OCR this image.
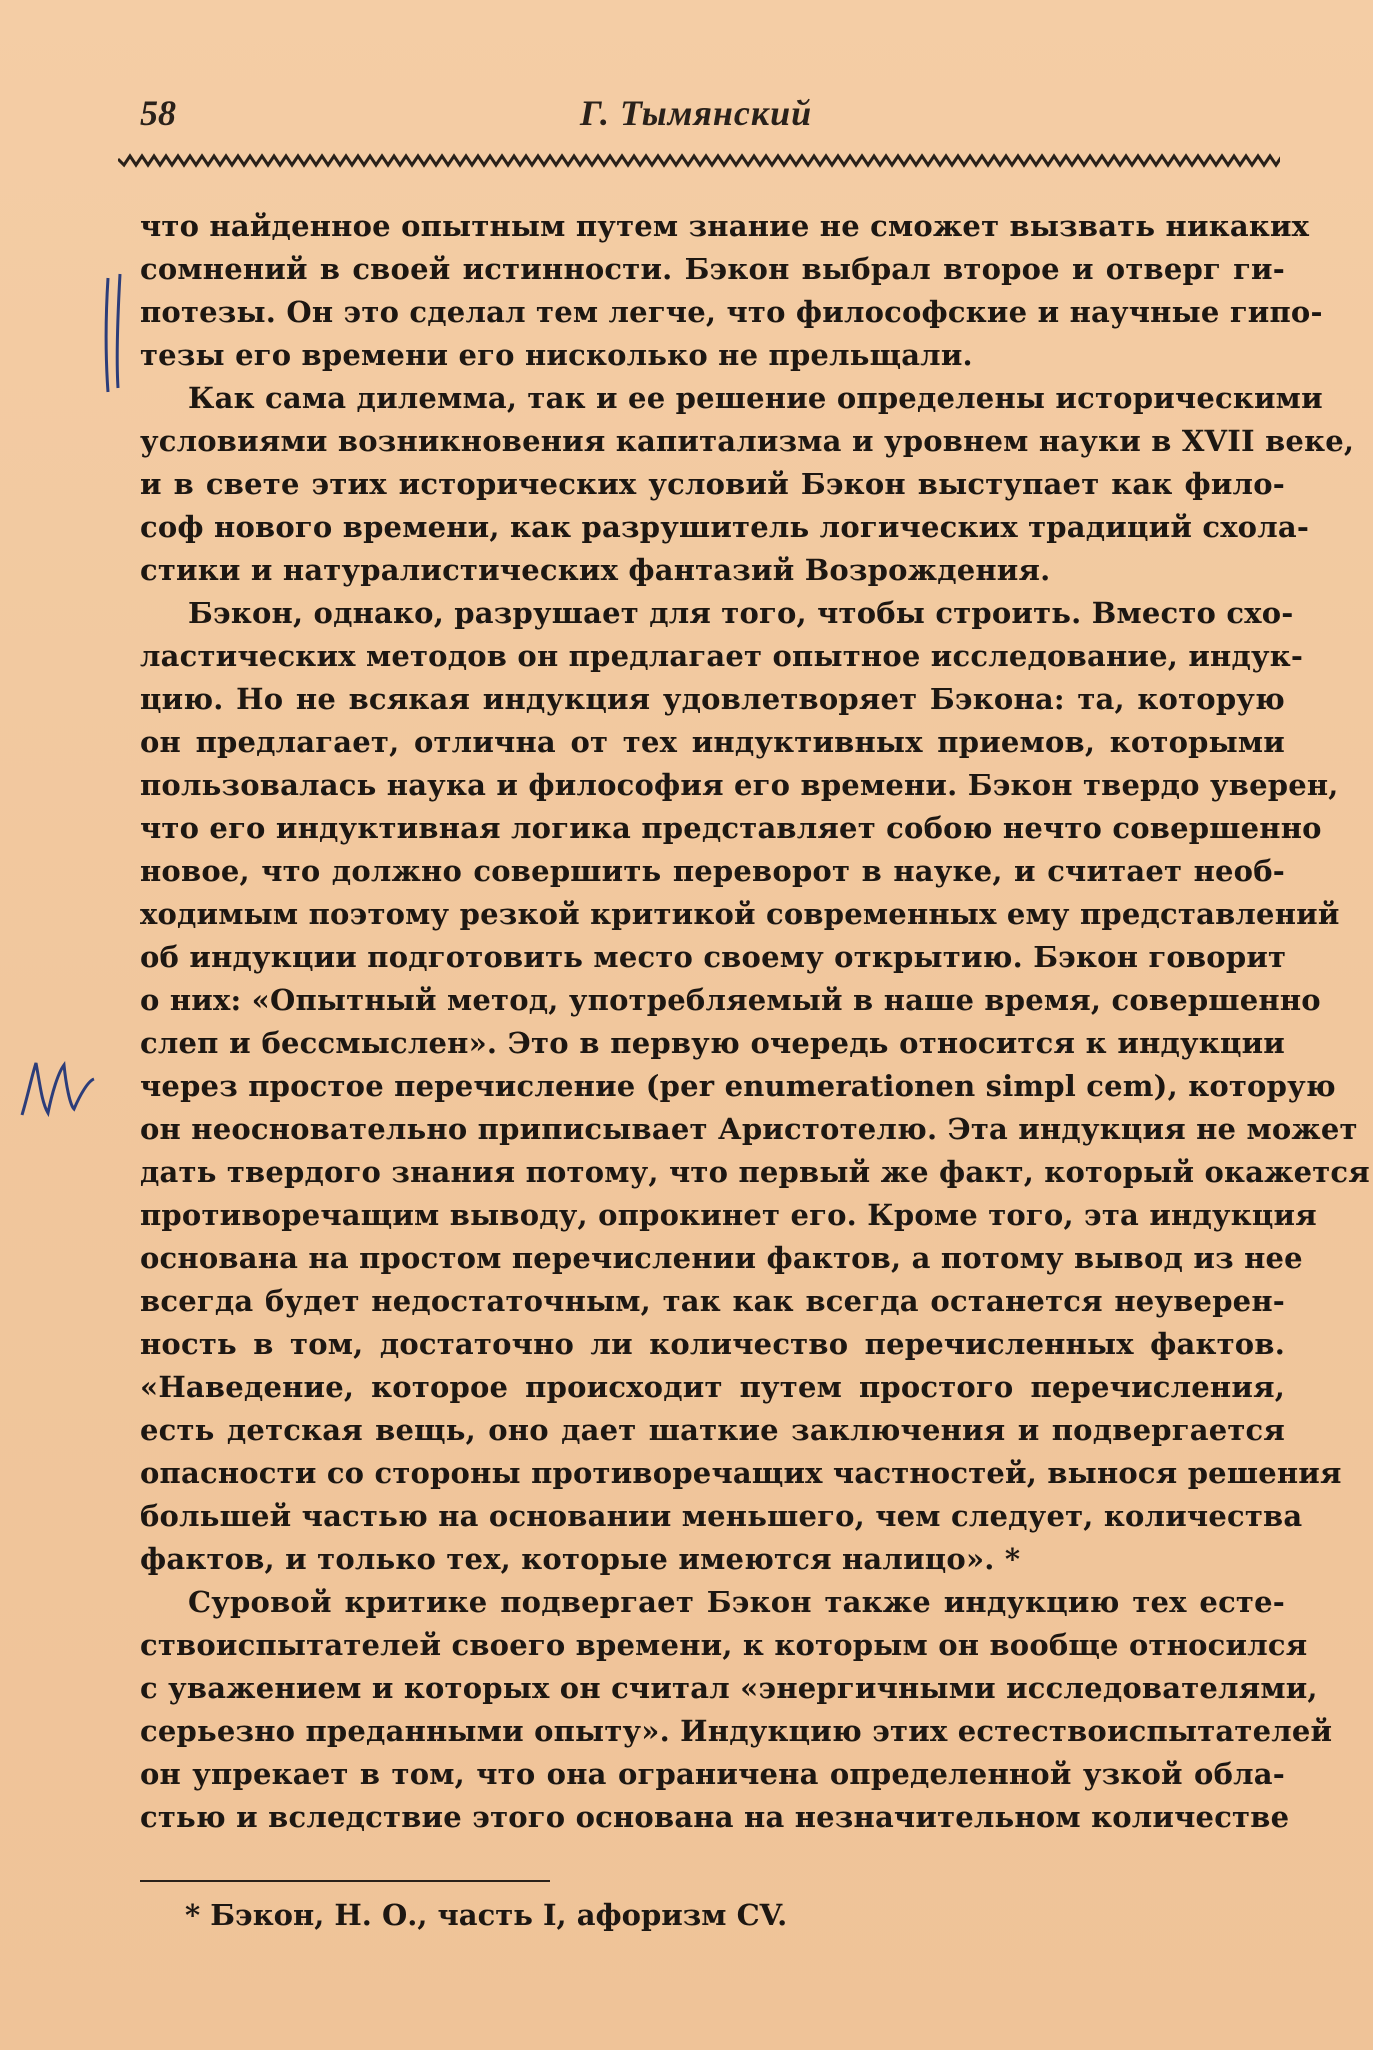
58	Г. Тымянский
что найденное опытным путем знание не сможет вызвать никаких
сомнений в своей истинности. Бэкон выбрал второе и отверг ги-
потезы. Он это сделал тем легче, что философские и научные гипо-
тезы его времени его нисколько не прельщали.
Как сама дилемма, так и ее решение определены историческими
условиями возникновения капитализма и уровнем науки в XVII веке,
и в свете этих исторических условий Бэкон выступает как фило-
соф нового времени, как разрушитель логических традиций схола-
стики и натуралистических фантазий Возрождения.
Бэкон, однако, разрушает для того, чтобы строить. Вместо схо-
ластических методов он предлагает опытное исследование, индук-
цию. Но не всякая индукция удовлетворяет Бэкона: та, которую
он предлагает, отлична от тех индуктивных приемов, которыми
пользовалась наука и философия его времени. Бэкон твердо уверен,
что его индуктивная логика представляет собою нечто совершенно
новое, что должно совершить переворот в науке, и считает необ-
ходимым поэтому резкой критикой современных ему представлений
об индукции подготовить место своему открытию. Бэкон говорит
о них: «Опытный метод, употребляемый в наше время, совершенно
слеп и бессмыслен». Это в первую очередь относится к индукции
через простое перечисление (per enumerationen simpl cem), которую
он неосновательно приписывает Аристотелю. Эта индукция не может
дать твердого знания потому, что первый же факт, который окажется
противоречащим выводу, опрокинет его. Кроме того, эта индукция
основана на простом перечислении фактов, а потому вывод из нее
всегда будет недостаточным, так как всегда останется неуверен-
ность в том, достаточно ли количество перечисленных фактов.
«Наведение, которое происходит путем простого перечисления,
есть детская вещь, оно дает шаткие заключения и подвергается
опасности со стороны противоречащих частностей, вынося решения
большей частью на основании меньшего, чем следует, количества
фактов, и только тех, которые имеются налицо». *
Суровой критике подвергает Бэкон также индукцию тех есте-
ствоиспытателей своего времени, к которым он вообще относился
с уважением и которых он считал «энергичными исследователями,
серьезно преданными опыту». Индукцию этих естествоиспытателей
он упрекает в том, что она ограничена определенной узкой обла-
стью и вследствие этого основана на незначительном количестве
* Бэкон, Н. О., часть I, афоризм CV.
